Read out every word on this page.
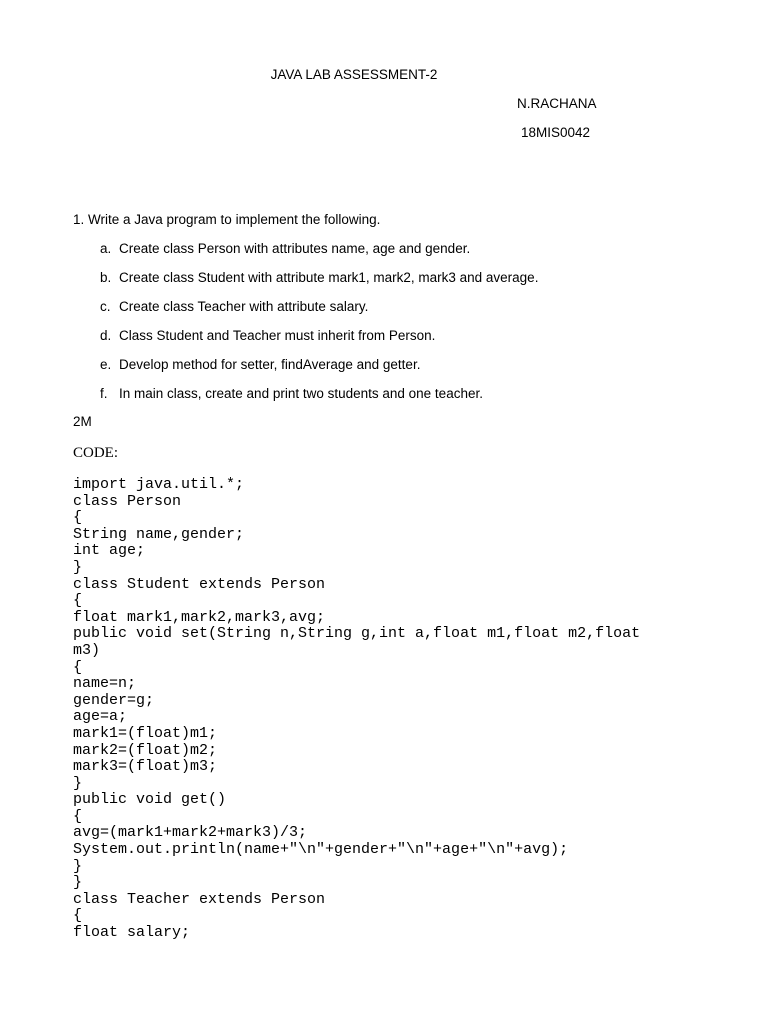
JAVA LAB ASSESSMENT-2
N.RACHANA
18MIS0042
1. Write a Java program to implement the following.
a. Create class Person with attributes name, age and gender.
b. Create class Student with attribute mark1, mark2, mark3 and average.
c. Create class Teacher with attribute salary.
d. Class Student and Teacher must inherit from Person.
e. Develop method for setter, findAverage and getter.
f. In main class, create and print two students and one teacher.
2M
CODE:
import java.util.*;
class Person
{
String name,gender;
int age;
}
class Student extends Person
{
float mark1,mark2,mark3,avg;
public void set(String n,String g,int a,float m1,float m2,float
m3)
{
name=n;
gender=g;
age=a;
mark1=(float)m1;
mark2=(float)m2;
mark3=(float)m3;
}
public void get()
{
avg=(mark1+mark2+mark3)/3;
System.out.println(name+"\n"+gender+"\n"+age+"\n"+avg);
}
}
class Teacher extends Person
{
float salary;
